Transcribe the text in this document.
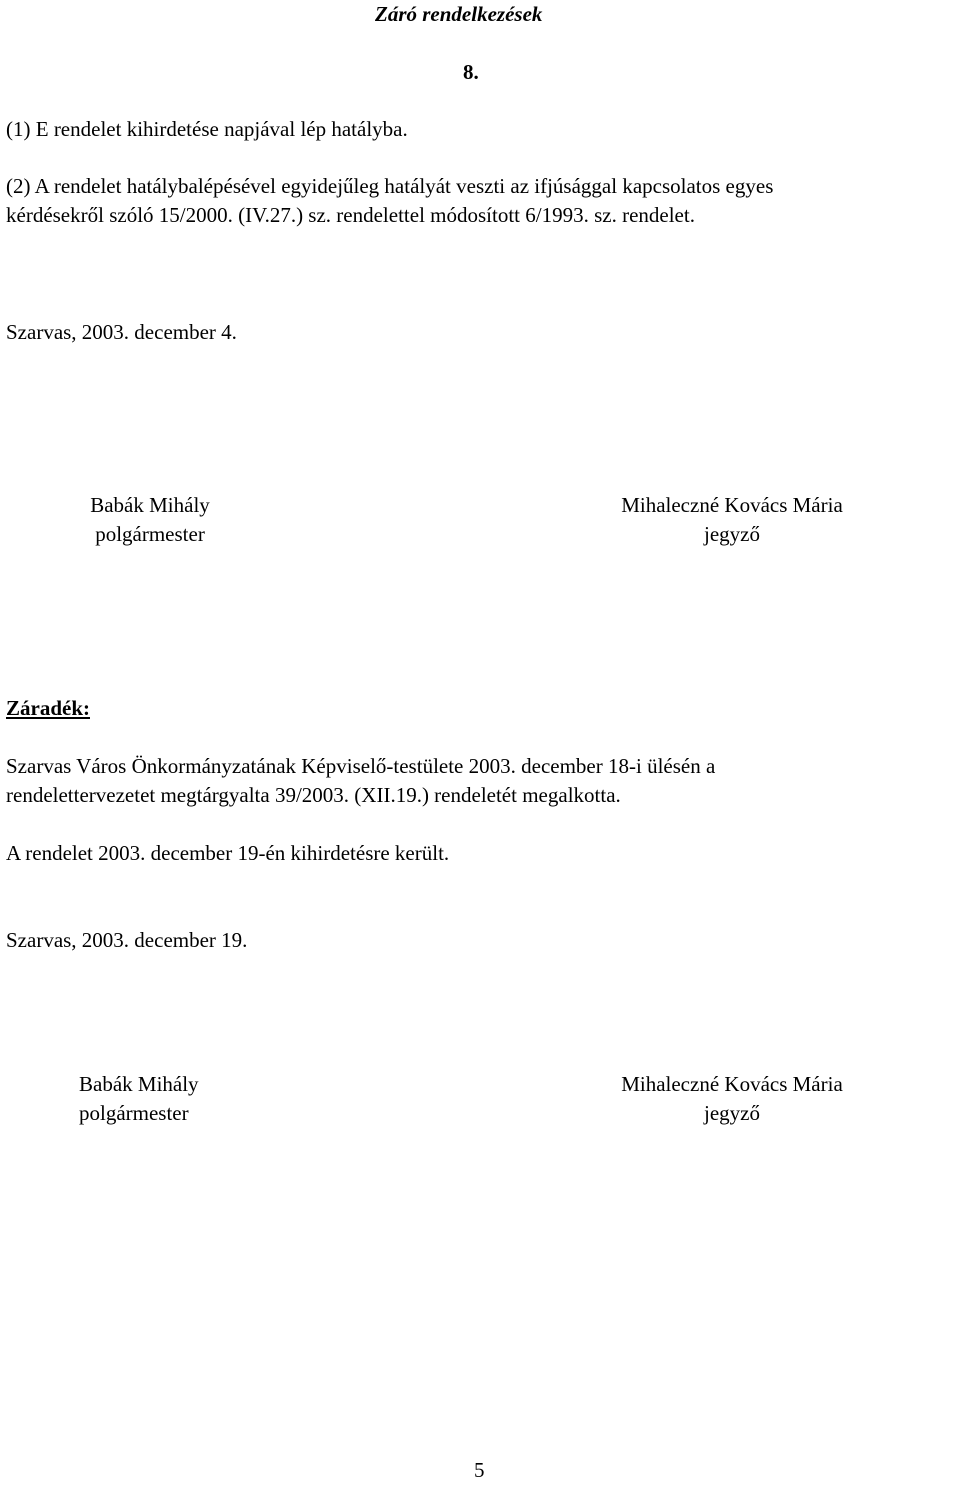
Záró rendelkezések
8.
(1) E rendelet kihirdetése napjával lép hatályba.
(2) A rendelet hatálybalépésével egyidejűleg hatályát veszti az ifjúsággal kapcsolatos egyes
kérdésekről szóló 15/2000. (IV.27.) sz. rendelettel módosított 6/1993. sz. rendelet.
Szarvas, 2003. december 4.
Babák Mihály
polgármester
Mihaleczné Kovács Mária
jegyző
Záradék:
Szarvas Város Önkormányzatának Képviselő-testülete 2003. december 18-i ülésén a
rendelettervezetet megtárgyalta 39/2003. (XII.19.) rendeletét megalkotta.
A rendelet 2003. december 19-én kihirdetésre került.
Szarvas, 2003. december 19.
Babák Mihály
polgármester
Mihaleczné Kovács Mária
jegyző
5
